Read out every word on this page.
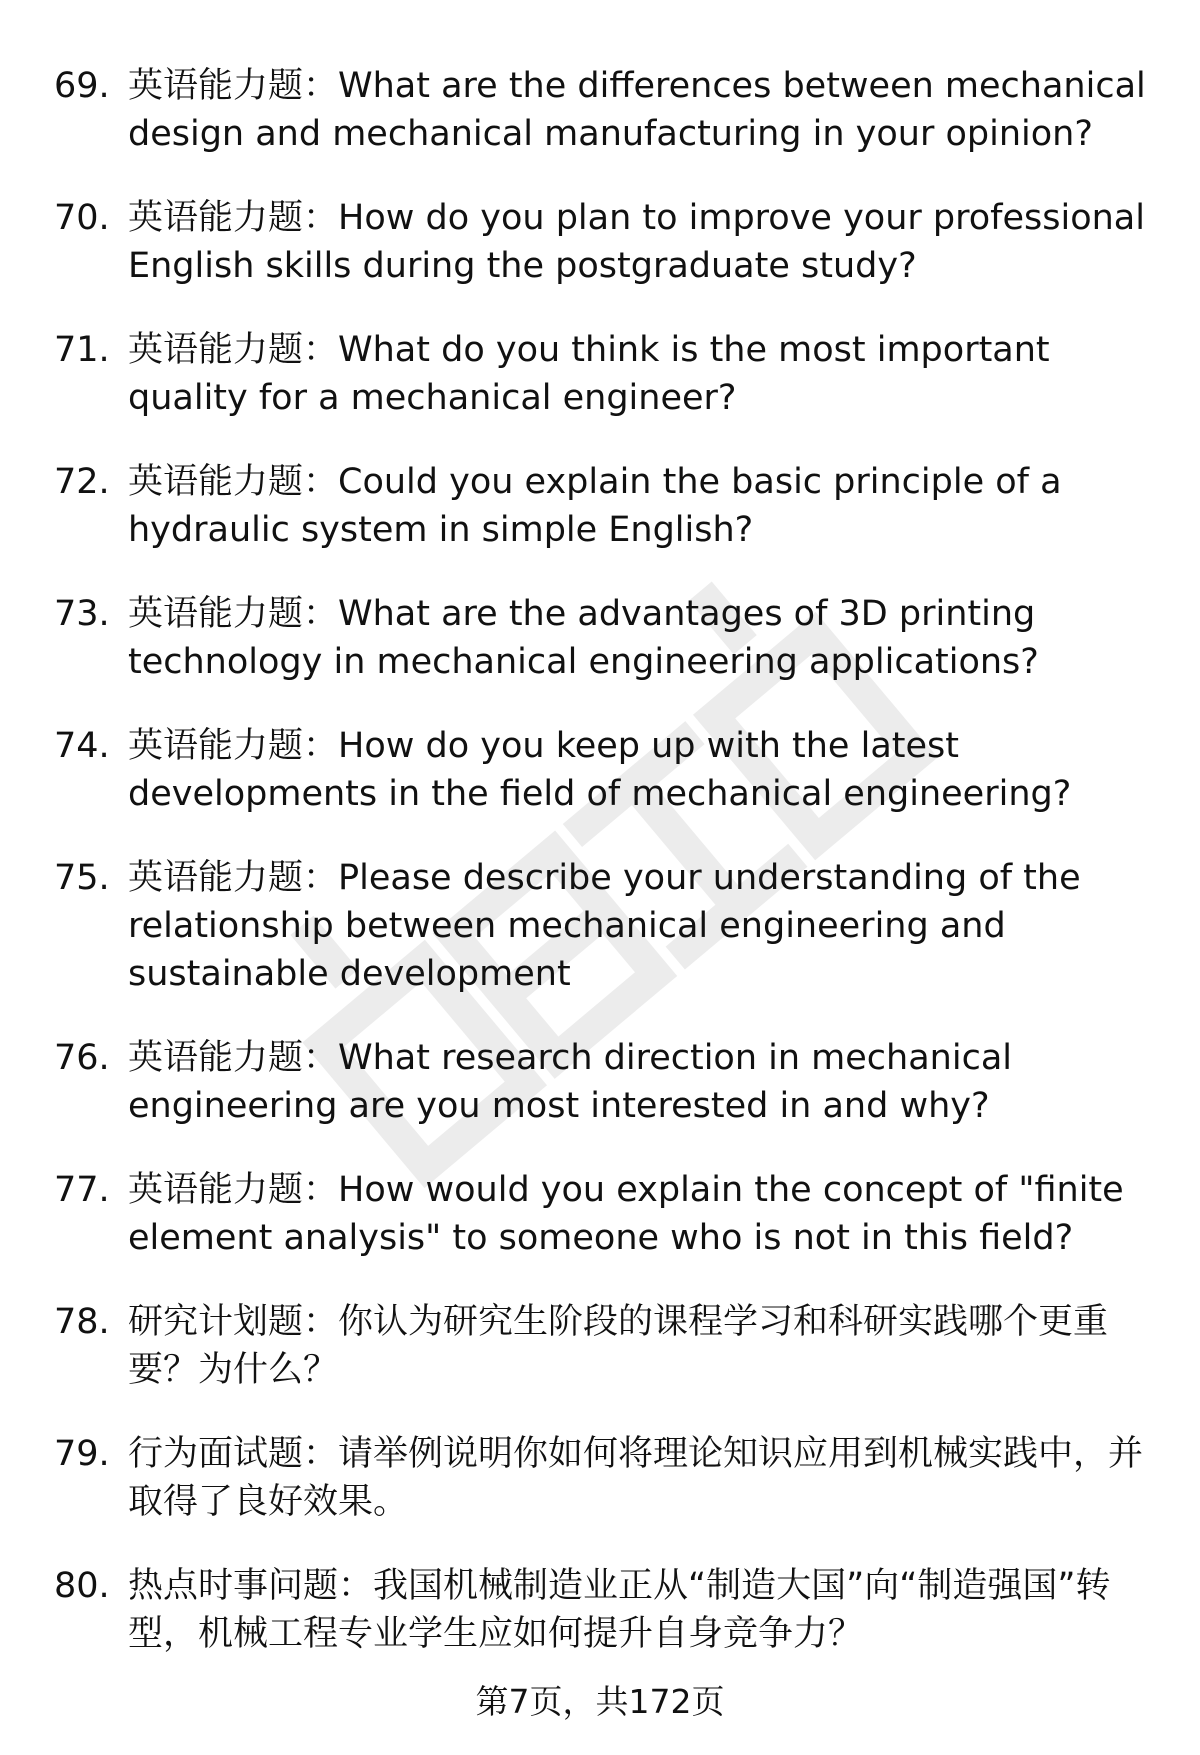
69. 英语能力题：What are the differences between mechanical design and mechanical manufacturing in your opinion?
70. 英语能力题：How do you plan to improve your professional English skills during the postgraduate study?
71. 英语能力题：What do you think is the most important quality for a mechanical engineer?
72. 英语能力题：Could you explain the basic principle of a hydraulic system in simple English?
73. 英语能力题：What are the advantages of 3D printing technology in mechanical engineering applications?
74. 英语能力题：How do you keep up with the latest developments in the field of mechanical engineering?
75. 英语能力题：Please describe your understanding of the relationship between mechanical engineering and sustainable development
76. 英语能力题：What research direction in mechanical engineering are you most interested in and why?
77. 英语能力题：How would you explain the concept of "finite element analysis" to someone who is not in this field?
78. 研究计划题：你认为研究生阶段的课程学习和科研实践哪个更重要？为什么？
79. 行为面试题：请举例说明你如何将理论知识应用到机械实践中，并取得了良好效果。
80. 热点时事问题：我国机械制造业正从“制造大国”向“制造强国”转型，机械工程专业学生应如何提升自身竞争力？
第7页，共172页
